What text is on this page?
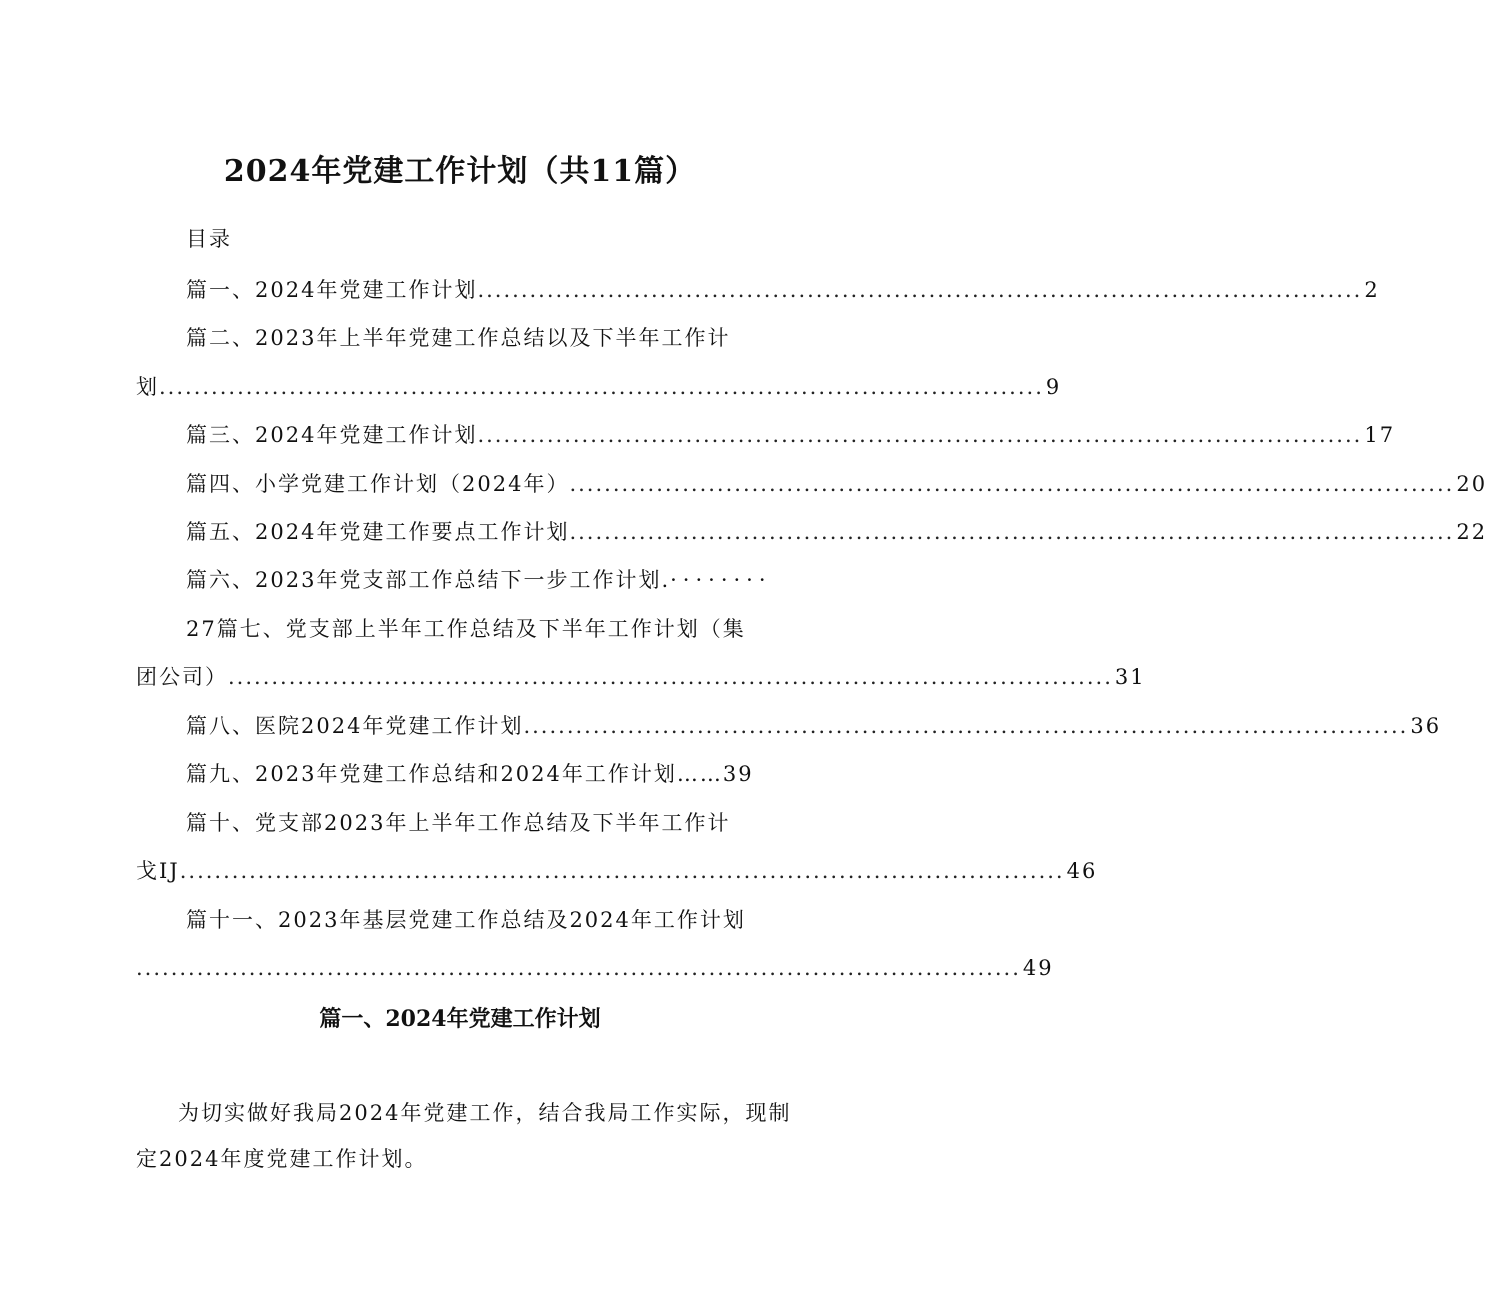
2024年党建工作计划（共11篇）
目录
篇一、2024年党建工作计划 ...................................................................................................... 2
篇二、2023年上半年党建工作总结以及下半年工作计
划 ...................................................................................................... 9
篇三、2024年党建工作计划 ...................................................................................................... 17
篇四、小学党建工作计划（2024年） ...................................................................................................... 20
篇五、2024年党建工作要点工作计划 ...................................................................................................... 22
篇六、2023年党支部工作总结下一步工作计划.········
27篇七、党支部上半年工作总结及下半年工作计划（集
团公司） ...................................................................................................... 31
篇八、医院2024年党建工作计划 ...................................................................................................... 36
篇九、2023年党建工作总结和2024年工作计划……39
篇十、党支部2023年上半年工作总结及下半年工作计
戈IJ ...................................................................................................... 46
篇十一、2023年基层党建工作总结及2024年工作计划
...................................................................................................... 49
篇一、2024年党建工作计划
为切实做好我局2024年党建工作，结合我局工作实际，现制定2024年度党建工作计划。
